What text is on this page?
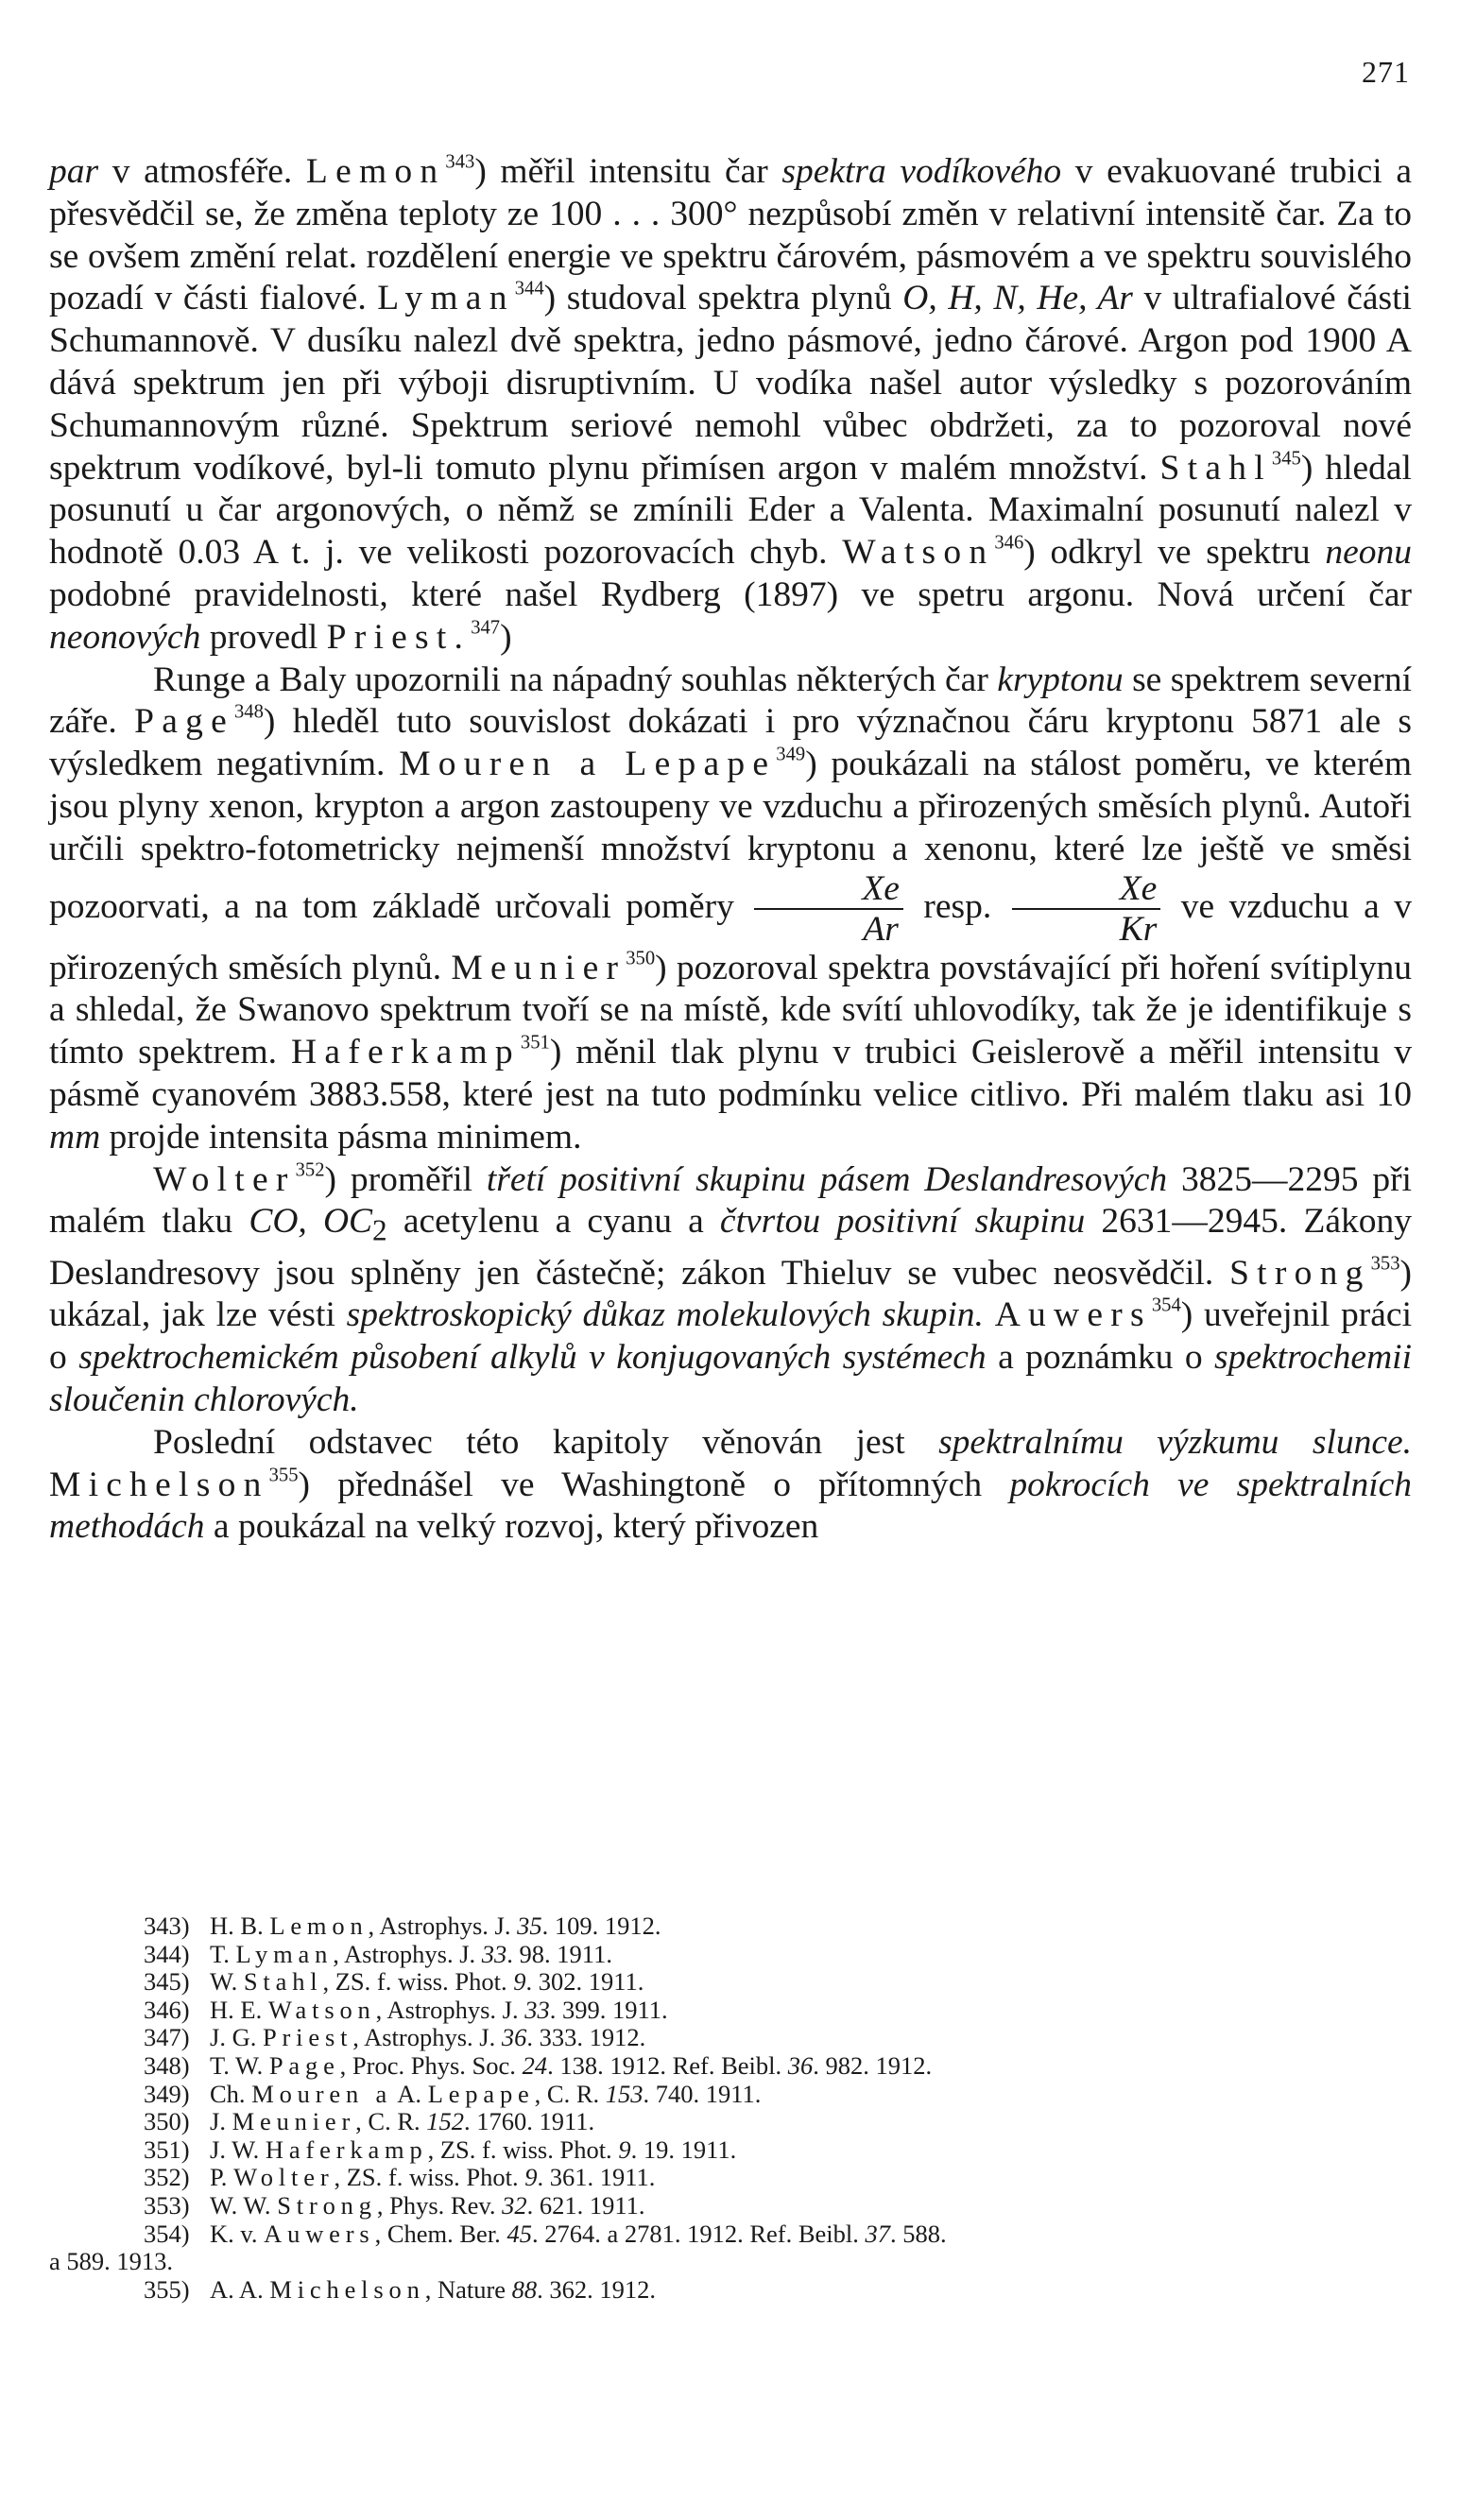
271

par v atmosféře. Lemon$^{343}$) měřil intensitu čar spektra vodíkového v evakuované trubici a přesvědčil se, že změna teploty ze 100 . . . 300° nezpůsobí změn v relativní intensitě čar. Za to se ovšem změní relat. rozdělení energie ve spektru čárovém, pásmovém a ve spektru souvislého pozadí v části fialové. Lyman$^{344}$) studoval spektra plynů O, H, N, He, Ar v ultrafialové části Schumannově. V dusíku nalezl dvě spektra, jedno pásmové, jedno čárové. Argon pod 1900 A dává spektrum jen při výboji disruptivním. U vodíka našel autor výsledky s pozorováním Schumannovým různé. Spektrum seriové nemohl vůbec obdržeti, za to pozoroval nové spektrum vodíkové, byl-li tomuto plynu přimísen argon v malém množství. Stahl$^{345}$) hledal posunutí u čar argonových, o němž se zmínili Eder a Valenta. Maximalní posunutí nalezl v hodnotě 0.03 A t. j. ve velikosti pozorovacích chyb. Watson$^{346}$) odkryl ve spektru neonu podobné pravidelnosti, které našel Rydberg (1897) ve spetru argonu. Nová určení čar neonových provedl Priest.$^{347}$)

Runge a Baly upozornili na nápadný souhlas některých čar kryptonu se spektrem severní záře. Page$^{348}$) hleděl tuto souvislost dokázati i pro význačnou čáru kryptonu 5871 ale s výsledkem negativním. Mouren a Lepape$^{349}$) poukázali na stálost poměru, ve kterém jsou plyny xenon, krypton a argon zastoupeny ve vzduchu a přirozených směsích plynů. Autoři určili spektro-fotometricky nejmenší množství kryptonu a xenonu, které lze ještě ve směsi pozoorvati, a na tom základě určovali poměry $\frac{Xe}{Ar}$ resp. $\frac{Xe}{Kr}$ ve vzduchu a v přirozených směsích plynů. Meunier$^{350}$) pozoroval spektra povstávající při hoření svítiplynu a shledal, že Swanovo spektrum tvoří se na místě, kde svítí uhlovodíky, tak že je identifikuje s tímto spektrem. Haferkamp$^{351}$) měnil tlak plynu v trubici Geislerově a měřil intensitu v pásmě cyanovém 3883.558, které jest na tuto podmínku velice citlivo. Při malém tlaku asi 10 mm projde intensita pásma minimem.

Wolter$^{352}$) proměřil třetí positivní skupinu pásem Deslandresových 3825—2295 při malém tlaku CO, $OC_2$ acetylenu a cyanu a čtvrtou positivní skupinu 2631—2945. Zákony Deslandresovy jsou splněny jen částečně; zákon Thieluv se vubec neosvědčil. Strong$^{353}$) ukázal, jak lze vésti spektroskopický důkaz molekulových skupin. Auwers$^{354}$) uveřejnil práci o spektrochemickém působení alkylů v konjugovaných systémech a poznámku o spektrochemii sloučenin chlorových.

Poslední odstavec této kapitoly věnován jest spektralnímu výzkumu slunce. Michelson$^{355}$) přednášel ve Washingtoně o přítomných pokrocích ve spektralních methodách a poukázal na velký rozvoj, který přivozen

343) H. B. Lemon, Astrophys. J. 35. 109. 1912.
344) T. Lyman, Astrophys. J. 33. 98. 1911.
345) W. Stahl, ZS. f. wiss. Phot. 9. 302. 1911.
346) H. E. Watson, Astrophys. J. 33. 399. 1911.
347) J. G. Priest, Astrophys. J. 36. 333. 1912.
348) T. W. Page, Proc. Phys. Soc. 24. 138. 1912. Ref. Beibl. 36. 982. 1912.
349) Ch. Mouren a A. Lepape, C. R. 153. 740. 1911.
350) J. Meunier, C. R. 152. 1760. 1911.
351) J. W. Haferkamp, ZS. f. wiss. Phot. 9. 19. 1911.
352) P. Wolter, ZS. f. wiss. Phot. 9. 361. 1911.
353) W. W. Strong, Phys. Rev. 32. 621. 1911.
354) K. v. Auwers, Chem. Ber. 45. 2764. a 2781. 1912. Ref. Beibl. 37. 588.
a 589. 1913.
355) A. A. Michelson, Nature 88. 362. 1912.
